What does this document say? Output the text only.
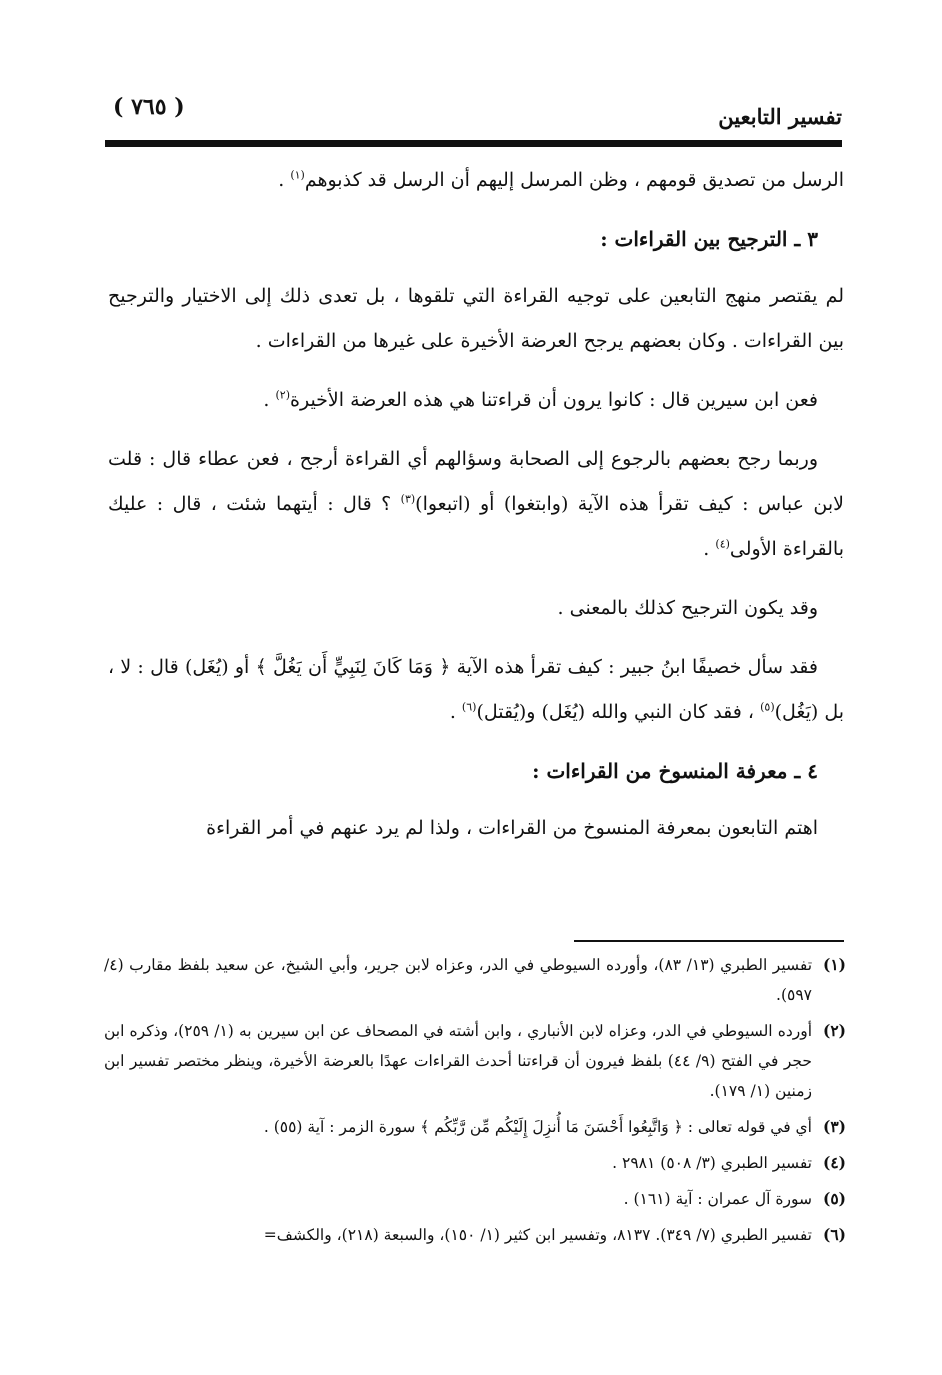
( ٧٦٥ )	تفسير التابعين

الرسل من تصديق قومهم ، وظن المرسل إليهم أن الرسل قد كذبوهم$^{(١)}$ .

٣ ـ الترجيح بين القراءات :

لم يقتصر منهج التابعين على توجيه القراءة التي تلقوها ، بل تعدى ذلك إلى الاختيار والترجيح بين القراءات . وكان بعضهم يرجح العرضة الأخيرة على غيرها من القراءات .

فعن ابن سيرين قال : كانوا يرون أن قراءتنا هي هذه العرضة الأخيرة$^{(٢)}$ .

وربما رجح بعضهم بالرجوع إلى الصحابة وسؤالهم أي القراءة أرجح ، فعن عطاء قال : قلت لابن عباس : كيف تقرأ هذه الآية (وابتغوا) أو (اتبعوا)$^{(٣)}$ ؟ قال : أيتهما شئت ، قال : عليك بالقراءة الأولى$^{(٤)}$ .

وقد يكون الترجيح كذلك بالمعنى .

فقد سأل خصيفًا ابنُ جبير : كيف تقرأ هذه الآية ﴿ وَمَا كَانَ لِنَبِيٍّ أَن يَغُلَّ ﴾ أو (يُغَل) قال : لا ، بل (يَغُل)$^{(٥)}$ ، فقد كان النبي والله (يُغَل) و(يُقتل)$^{(٦)}$ .

٤ ـ معرفة المنسوخ من القراءات :

اهتم التابعون بمعرفة المنسوخ من القراءات ، ولذا لم يرد عنهم في أمر القراءة

(١)
تفسير الطبري (١٣/ ٨٣)، وأورده السيوطي في الدر، وعزاه لابن جرير، وأبي الشيخ، عن سعيد بلفظ مقارب (٤/ ٥٩٧).
(٢)
أورده السيوطي في الدر، وعزاه لابن الأنباري ، وابن أشته في المصحاف عن ابن سيرين به (١/ ٢٥٩)، وذكره ابن حجر في الفتح (٩/ ٤٤) بلفظ فيرون أن قراءتنا أحدث القراءات عهدًا بالعرضة الأخيرة، وينظر مختصر تفسير ابن زمنين (١/ ١٧٩).
(٣)
أي في قوله تعالى : ﴿ وَاتَّبِعُوا أَحْسَنَ مَا أُنزِلَ إِلَيْكُم مِّن رَّبِّكُم ﴾ سورة الزمر : آية (٥٥) .
(٤)
تفسير الطبري (٣/ ٥٠٨) ٢٩٨١ .
(٥)
سورة آل عمران : آية (١٦١) .
(٦)
تفسير الطبري (٧/ ٣٤٩). ٨١٣٧، وتفسير ابن كثير (١/ ١٥٠)، والسبعة (٢١٨)، والكشف=
